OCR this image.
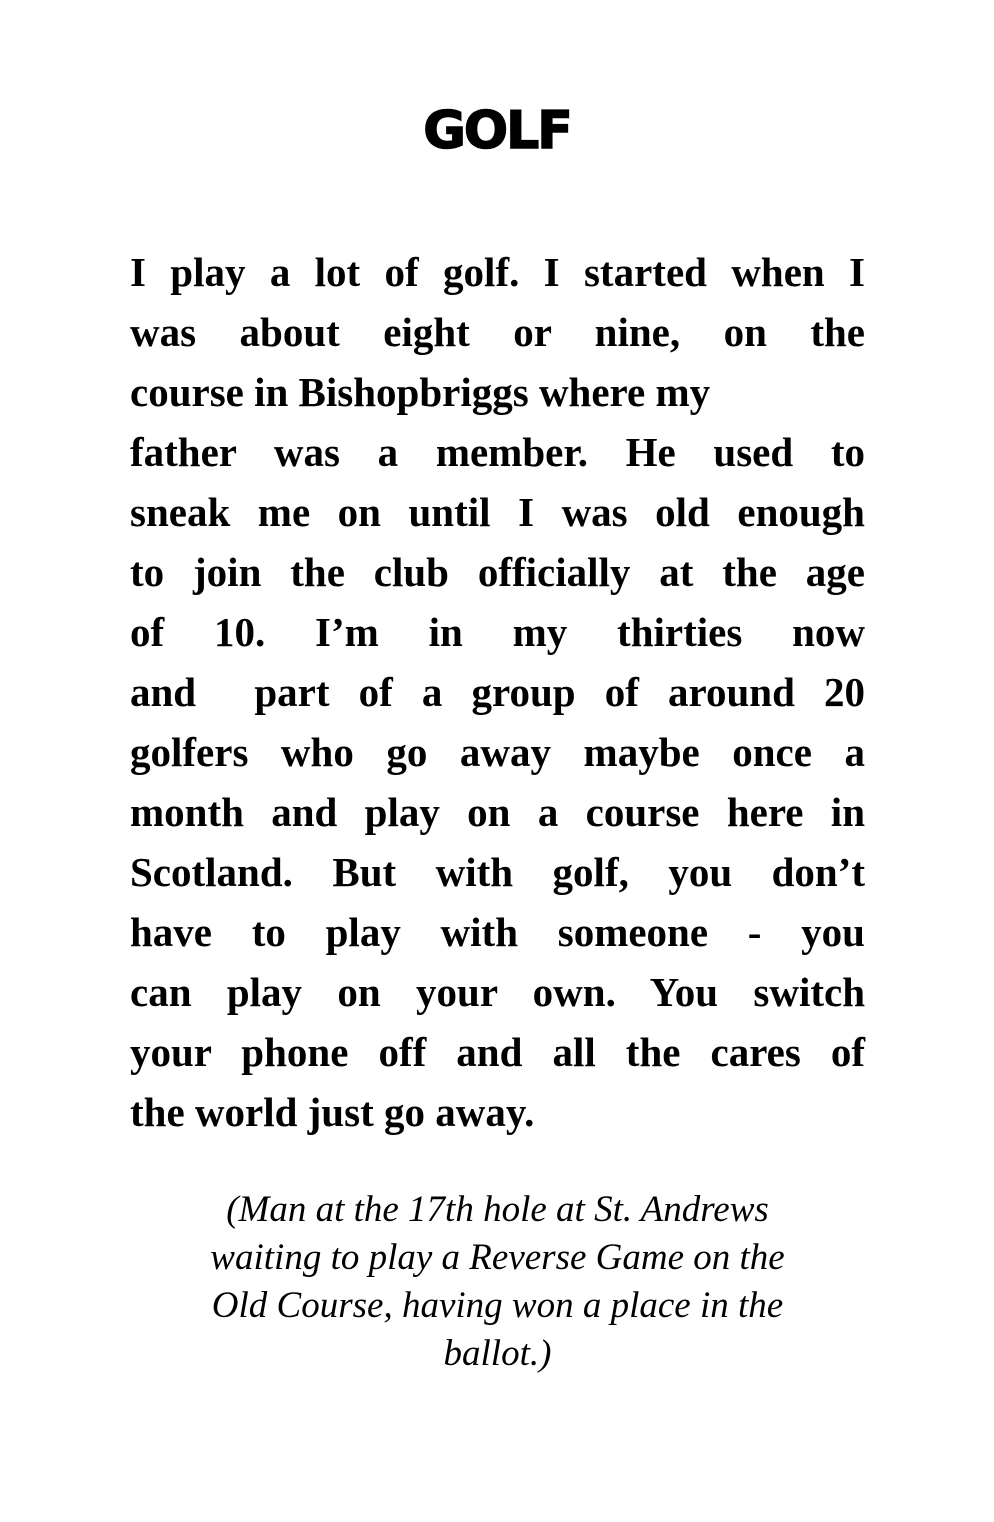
GOLF
I play a lot of golf. I started when I
was about eight or nine, on the
course in Bishopbriggs where my
father was a member. He used to
sneak me on until I was old enough
to join the club officially at the age
of 10. I’m in my thirties now
and  part of a group of around 20
golfers who go away maybe once a
month and play on a course here in
Scotland. But with golf, you don’t
have to play with someone - you
can play on your own. You switch
your phone off and all the cares of
the world just go away.
(Man at the 17th hole at St. Andrews
waiting to play a Reverse Game on the
Old Course, having won a place in the
ballot.)
